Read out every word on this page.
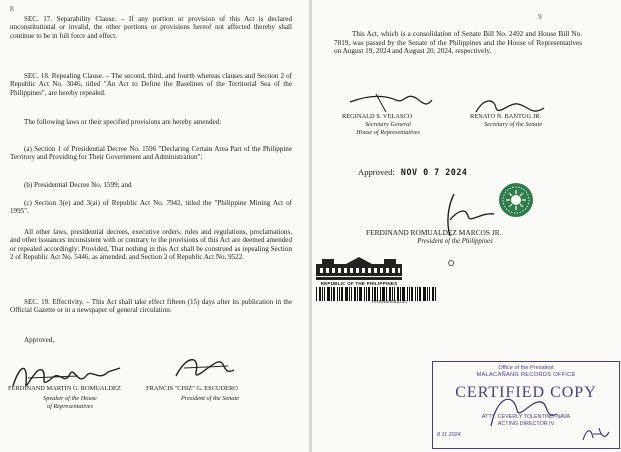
8

SEC. 17. Separability Clause. – If any portion or provision of this Act is declared unconstitutional or invalid, the other portions or provisions hereof not affected thereby shall continue to be in full force and effect.

SEC. 18. Repealing Clause. – The second, third, and fourth whereas clauses and Section 2 of Republic Act No. 3046, titled "An Act to Define the Baselines of the Territorial Sea of the Philippines", are hereby repealed.

The following laws or their specified provisions are hereby amended:

(a) Section 1 of Presidential Decree No. 1596 "Declaring Certain Area Part of the Philippine Territory and Providing for Their Government and Administration";

(b) Presidential Decree No. 1599; and

(c) Section 3(e) and 3(ai) of Republic Act No. 7942, titled the "Philippine Mining Act of 1995".

All other laws, presidential decrees, executive orders, rules and regulations, proclamations, and other issuances inconsistent with or contrary to the provisions of this Act are deemed amended or repealed accordingly: Provided, That nothing in this Act shall be construed as repealing Section 2 of Republic Act No. 5446, as amended, and Section 2 of Republic Act No. 9522.

SEC. 19. Effectivity. – This Act shall take effect fifteen (15) days after its publication in the Official Gazette or in a newspaper of general circulation.

Approved,

FERDINAND MARTIN G. ROMUALDEZ
Speaker of the House
of Representatives
FRANCIS "CHIZ" G. ESCUDERO
President of the Senate
9

This Act, which is a consolidation of Senate Bill No. 2492 and House Bill No. 7819, was passed by the Senate of the Philippines and the House of Representatives on August 19, 2024 and August 20, 2024, respectively.

REGINALD S. VELASCO
Secretary General
House of Representatives
RENATO N. BANTUG JR.
Secretary of the Senate
Approved: NOV 0 7 2024
FERDINAND ROMUALDEZ MARCOS JR.
President of the Philippines
O
REPUBLIC OF THE PHILIPPINES
PRRN00063334
Office of the President
MALACAÑANG RECORDS OFFICE
CERTIFIED COPY
ATTY. CEVERLY TOLENTINO-NAVA
ACTING DIRECTOR IV
8 11 2024
